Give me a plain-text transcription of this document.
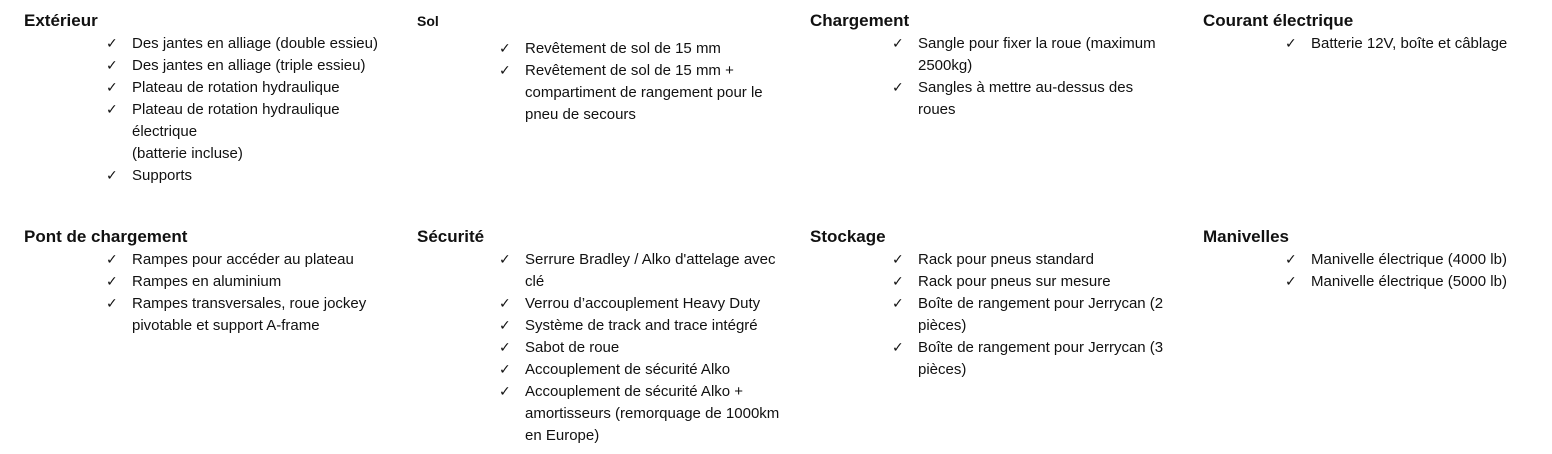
Extérieur
✓ Des jantes en alliage (double essieu)
✓ Des jantes en alliage (triple essieu)
✓ Plateau de rotation hydraulique
✓ Plateau de rotation hydraulique électrique
(batterie incluse)
✓ Supports
Sol
✓ Revêtement de sol de 15 mm
✓ Revêtement de sol de 15 mm + compartiment de rangement pour le pneu de secours
Chargement
✓ Sangle pour fixer la roue (maximum 2500kg)
✓ Sangles à mettre au-dessus des roues
Courant électrique
✓ Batterie 12V, boîte et câblage
Pont de chargement
✓ Rampes pour accéder au plateau
✓ Rampes en aluminium
✓ Rampes transversales, roue jockey pivotable et support A-frame
Sécurité
✓ Serrure Bradley / Alko d'attelage avec clé
✓ Verrou d’accouplement Heavy Duty
✓ Système de track and trace intégré
✓ Sabot de roue
✓ Accouplement de sécurité Alko
✓ Accouplement de sécurité Alko + amortisseurs (remorquage de 1000km en Europe)
Stockage
✓ Rack pour pneus standard
✓ Rack pour pneus sur mesure
✓ Boîte de rangement pour Jerrycan (2 pièces)
✓ Boîte de rangement pour Jerrycan (3 pièces)
Manivelles
✓ Manivelle électrique (4000 lb)
✓ Manivelle électrique (5000 lb)
